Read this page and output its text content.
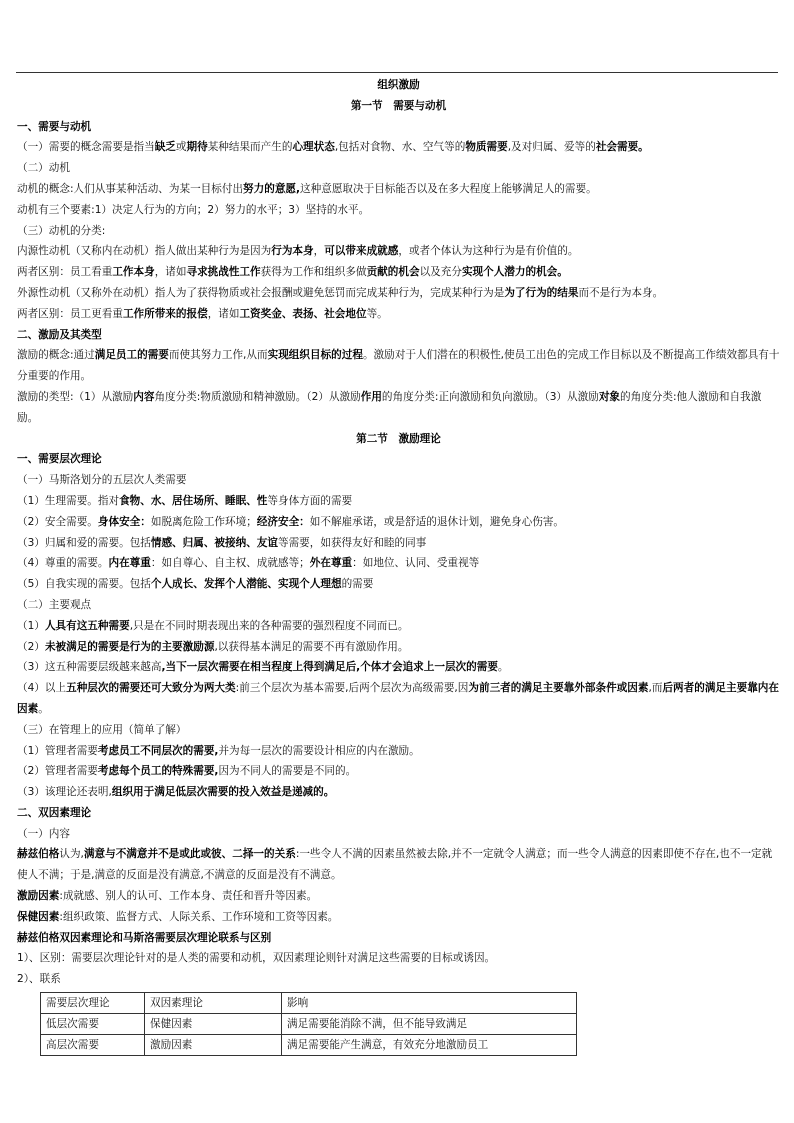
组织激励
第一节　需要与动机
一、需要与动机
（一）需要的概念需要是指当缺乏或期待某种结果而产生的心理状态,包括对食物、水、空气等的物质需要,及对归属、爱等的社会需要。
（二）动机
动机的概念:人们从事某种活动、为某一目标付出努力的意愿,这种意愿取决于目标能否以及在多大程度上能够满足人的需要。
动机有三个要素:1）决定人行为的方向；2）努力的水平；3）坚持的水平。
（三）动机的分类:
内源性动机（又称内在动机）指人做出某种行为是因为行为本身，可以带来成就感，或者个体认为这种行为是有价值的。
两者区别：员工看重工作本身，诸如寻求挑战性工作获得为工作和组织多做贡献的机会以及充分实现个人潜力的机会。
外源性动机（又称外在动机）指人为了获得物质或社会报酬或避免惩罚而完成某种行为，完成某种行为是为了行为的结果而不是行为本身。
两者区别：员工更看重工作所带来的报偿，诸如工资奖金、表扬、社会地位等。
二、激励及其类型
激励的概念:通过满足员工的需要而使其努力工作,从而实现组织目标的过程。激励对于人们潜在的积极性,使员工出色的完成工作目标以及不断提高工作绩效都具有十分重要的作用。
激励的类型:（1）从激励内容角度分类:物质激励和精神激励。（2）从激励作用的角度分类:正向激励和负向激励。（3）从激励对象的角度分类:他人激励和自我激励。
第二节　激励理论
一、需要层次理论
（一）马斯洛划分的五层次人类需要
（1）生理需要。指对食物、水、居住场所、睡眠、性等身体方面的需要
（2）安全需要。身体安全：如脱离危险工作环境；经济安全：如不解雇承诺，或是舒适的退休计划，避免身心伤害。
（3）归属和爱的需要。包括情感、归属、被接纳、友谊等需要，如获得友好和睦的同事
（4）尊重的需要。内在尊重：如自尊心、自主权、成就感等；外在尊重：如地位、认同、受重视等
（5）自我实现的需要。包括个人成长、发挥个人潜能、实现个人理想的需要
（二）主要观点
（1）人具有这五种需要,只是在不同时期表现出来的各种需要的强烈程度不同而已。
（2）未被满足的需要是行为的主要激励源,以获得基本满足的需要不再有激励作用。
（3）这五种需要层级越来越高,当下一层次需要在相当程度上得到满足后,个体才会追求上一层次的需要。
（4）以上五种层次的需要还可大致分为两大类:前三个层次为基本需要,后两个层次为高级需要,因为前三者的满足主要靠外部条件或因素,而后两者的满足主要靠内在因素。
（三）在管理上的应用（简单了解）
（1）管理者需要考虑员工不同层次的需要,并为每一层次的需要设计相应的内在激励。
（2）管理者需要考虑每个员工的特殊需要,因为不同人的需要是不同的。
（3）该理论还表明,组织用于满足低层次需要的投入效益是递减的。
二、双因素理论
（一）内容
赫兹伯格认为,满意与不满意并不是或此或彼、二择一的关系:一些令人不满的因素虽然被去除,并不一定就令人满意；而一些令人满意的因素即使不存在,也不一定就使人不满；于是,满意的反面是没有满意,不满意的反面是没有不满意。
激励因素:成就感、别人的认可、工作本身、责任和晋升等因素。
保健因素:组织政策、监督方式、人际关系、工作环境和工资等因素。
赫兹伯格双因素理论和马斯洛需要层次理论联系与区别
1）、区别：需要层次理论针对的是人类的需要和动机，双因素理论则针对满足这些需要的目标或诱因。
2）、联系
需要层次理论	双因素理论	影响
低层次需要	保健因素	满足需要能消除不满，但不能导致满足
高层次需要	激励因素	满足需要能产生满意，有效充分地激励员工
